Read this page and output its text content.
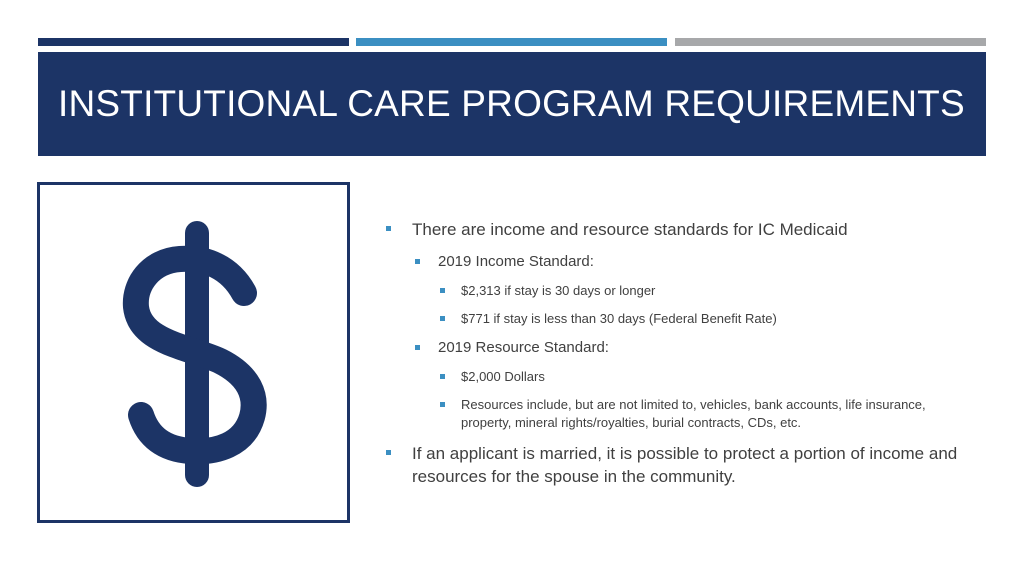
INSTITUTIONAL CARE PROGRAM REQUIREMENTS
There are income and resource standards for IC Medicaid
2019 Income Standard:
$2,313 if stay is 30 days or longer
$771 if stay is less than 30 days (Federal Benefit Rate)
2019 Resource Standard:
$2,000 Dollars
Resources include, but are not limited to, vehicles, bank accounts, life insurance, property, mineral rights/royalties, burial contracts, CDs, etc.
If an applicant is married, it is possible to protect a portion of income and resources for the spouse in the community.
